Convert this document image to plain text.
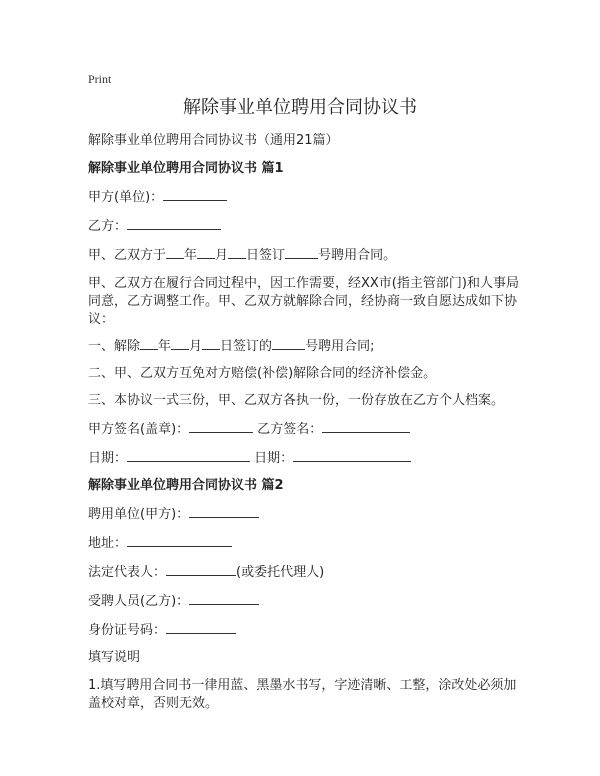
Print
解除事业单位聘用合同协议书
解除事业单位聘用合同协议书（通用21篇）
解除事业单位聘用合同协议书 篇1
甲方(单位)：
乙方：
甲、乙双方于 年 月 日签订	号聘用合同。
甲、乙双方在履行合同过程中，因工作需要，经XX市(指主管部门)和人事局同意，乙方调整工作。甲、乙双方就解除合同，经协商一致自愿达成如下协议：
一、解除 年 月 日签订的	号聘用合同;
二、甲、乙双方互免对方赔偿(补偿)解除合同的经济补偿金。
三、本协议一式三份，甲、乙双方各执一份，一份存放在乙方个人档案。
甲方签名(盖章)：	乙方签名：
日期：	日期：
解除事业单位聘用合同协议书 篇2
聘用单位(甲方)：
地址：
法定代表人：	(或委托代理人)
受聘人员(乙方)：
身份证号码：
填写说明
1.填写聘用合同书一律用蓝、黑墨水书写，字迹清晰、工整，涂改处必须加盖校对章，否则无效。
